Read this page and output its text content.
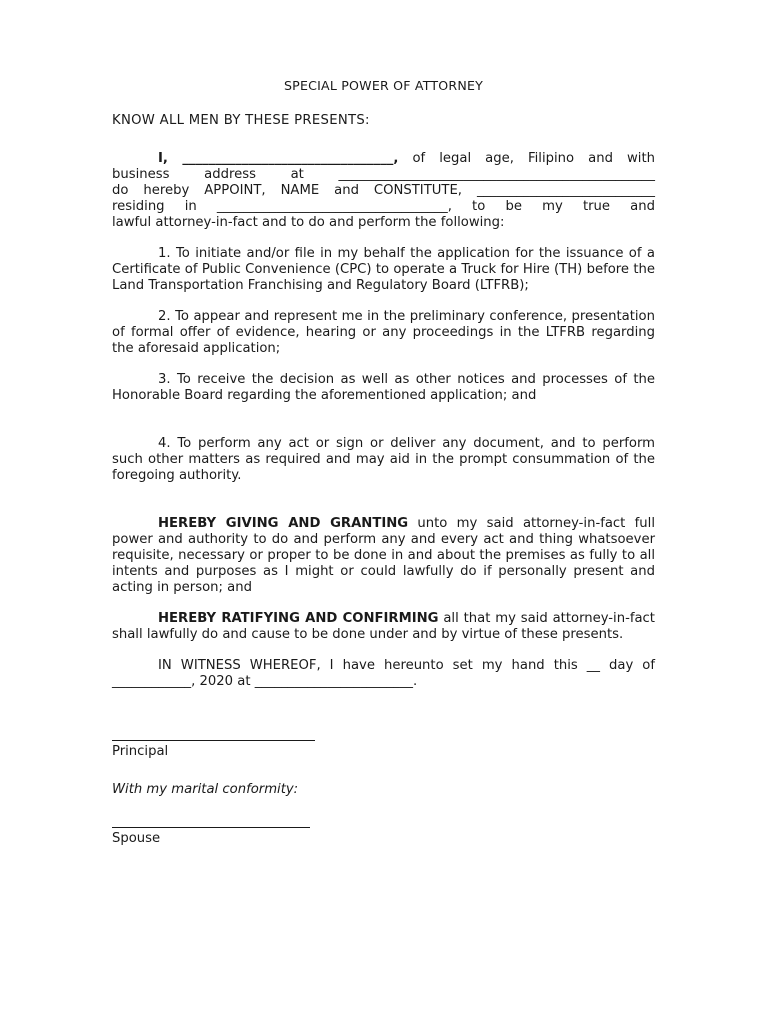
SPECIAL POWER OF ATTORNEY
KNOW ALL MEN BY THESE PRESENTS:

I, ________________________________, of legal age, Filipino and with

business address at ________________________________________________

do hereby APPOINT, NAME and CONSTITUTE, ___________________________

residing in ___________________________________, to be my true and

lawful attorney-in-fact and to do and perform the following:

1. To initiate and/or file in my behalf the application for the issuance of a Certificate of Public Convenience (CPC) to operate a Truck for Hire (TH) before the Land Transportation Franchising and Regulatory Board (LTFRB);

2. To appear and represent me in the preliminary conference, presentation of formal offer of evidence, hearing or any proceedings in the LTFRB regarding the aforesaid application;

3. To receive the decision as well as other notices and processes of the Honorable Board regarding the aforementioned application; and

4. To perform any act or sign or deliver any document, and to perform such other matters as required and may aid in the prompt consummation of the foregoing authority.

HEREBY GIVING AND GRANTING unto my said attorney-in-fact full power and authority to do and perform any and every act and thing whatsoever requisite, necessary or proper to be done in and about the premises as fully to all intents and purposes as I might or could lawfully do if personally present and acting in person; and

HEREBY RATIFYING AND CONFIRMING all that my said attorney-in-fact shall lawfully do and cause to be done under and by virtue of these presents.

IN WITNESS WHEREOF, I have hereunto set my hand this __ day of

____________, 2020 at ________________________.

Principal
With my marital conformity:
Spouse
